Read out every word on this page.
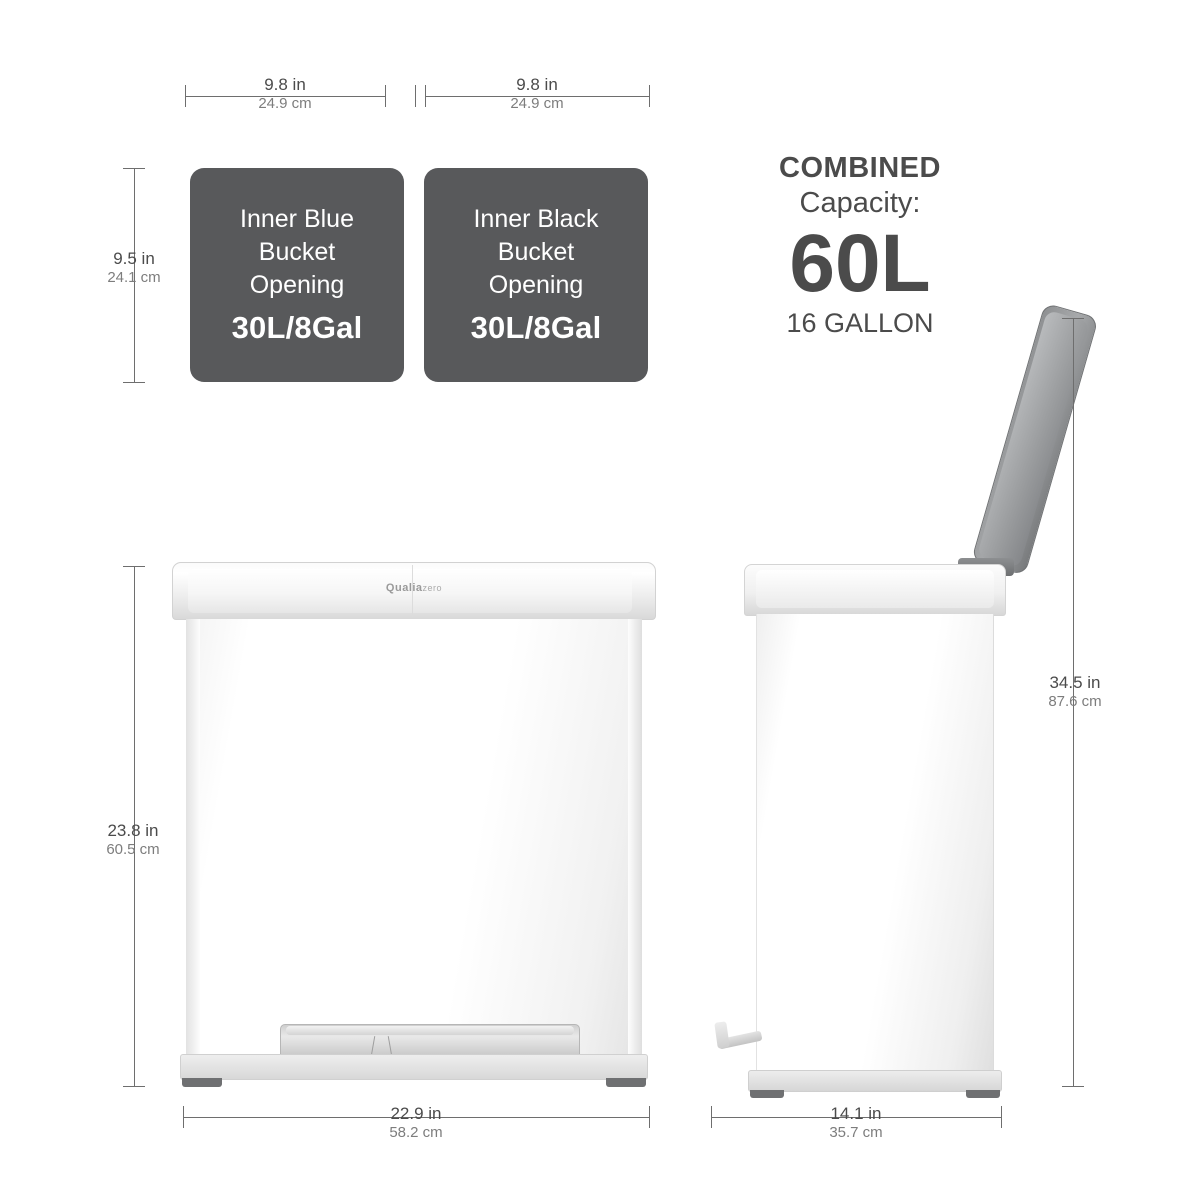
9.8 in
24.9 cm
9.8 in
24.9 cm
9.5 in
24.1 cm
Inner Blue
Bucket
Opening
30L/8Gal
Inner Black
Bucket
Opening
30L/8Gal
COMBINED
Capacity:
60L
16 GALLON
Qualiazero
23.8 in
60.5 cm
22.9 in
58.2 cm
34.5 in
87.6 cm
14.1 in
35.7 cm
